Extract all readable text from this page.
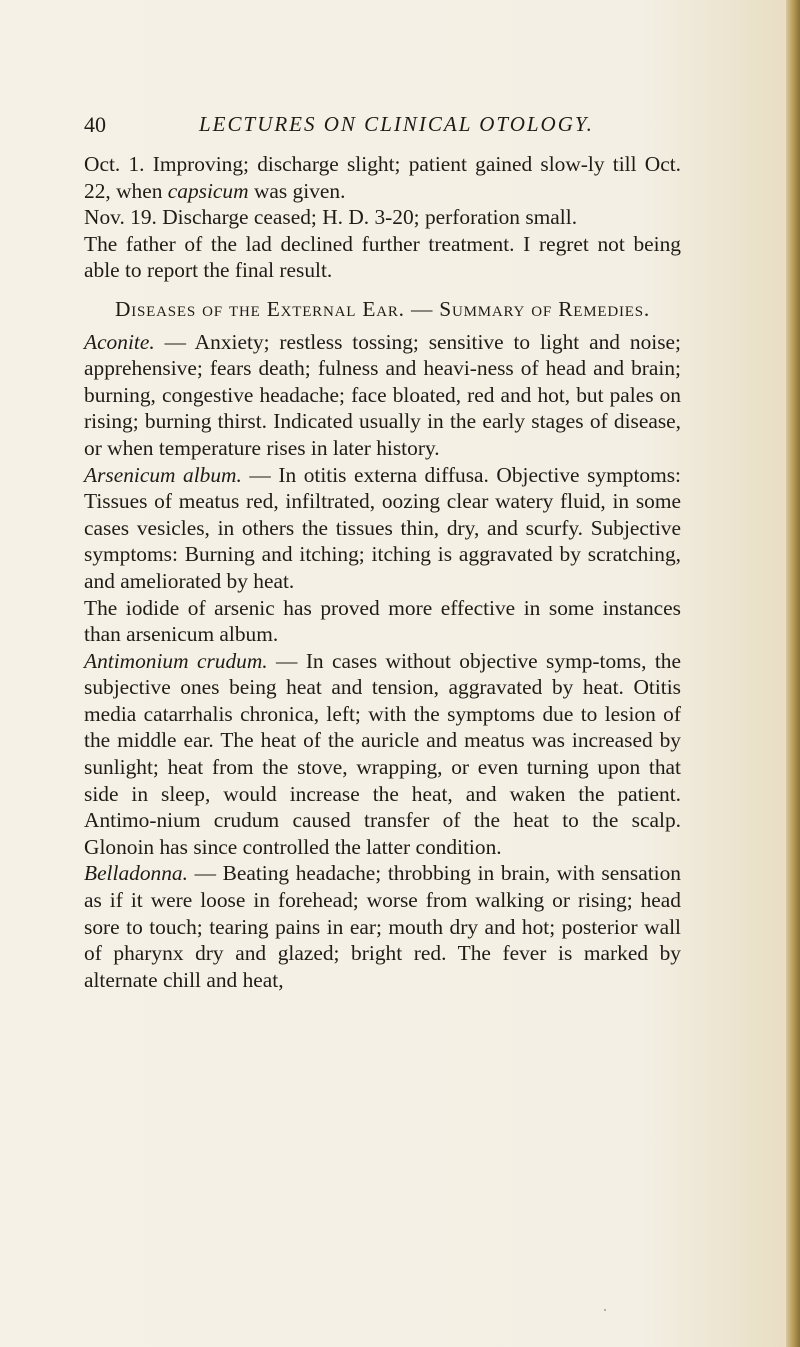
40	LECTURES ON CLINICAL OTOLOGY.

Oct. 1. Improving; discharge slight; patient gained slow-ly till Oct. 22, when capsicum was given.

Nov. 19. Discharge ceased; H. D. 3-20; perforation small.

The father of the lad declined further treatment. I regret not being able to report the final result.

Diseases of the External Ear. — Summary of Remedies.

Aconite. — Anxiety; restless tossing; sensitive to light and noise; apprehensive; fears death; fulness and heavi-ness of head and brain; burning, congestive headache; face bloated, red and hot, but pales on rising; burning thirst. Indicated usually in the early stages of disease, or when temperature rises in later history.

Arsenicum album. — In otitis externa diffusa. Objective symptoms: Tissues of meatus red, infiltrated, oozing clear watery fluid, in some cases vesicles, in others the tissues thin, dry, and scurfy. Subjective symptoms: Burning and itching; itching is aggravated by scratching, and ameliorated by heat.

The iodide of arsenic has proved more effective in some instances than arsenicum album.

Antimonium crudum. — In cases without objective symp-toms, the subjective ones being heat and tension, aggravated by heat. Otitis media catarrhalis chronica, left; with the symptoms due to lesion of the middle ear. The heat of the auricle and meatus was increased by sunlight; heat from the stove, wrapping, or even turning upon that side in sleep, would increase the heat, and waken the patient. Antimo-nium crudum caused transfer of the heat to the scalp. Glonoin has since controlled the latter condition.

Belladonna. — Beating headache; throbbing in brain, with sensation as if it were loose in forehead; worse from walking or rising; head sore to touch; tearing pains in ear; mouth dry and hot; posterior wall of pharynx dry and glazed; bright red. The fever is marked by alternate chill and heat,
